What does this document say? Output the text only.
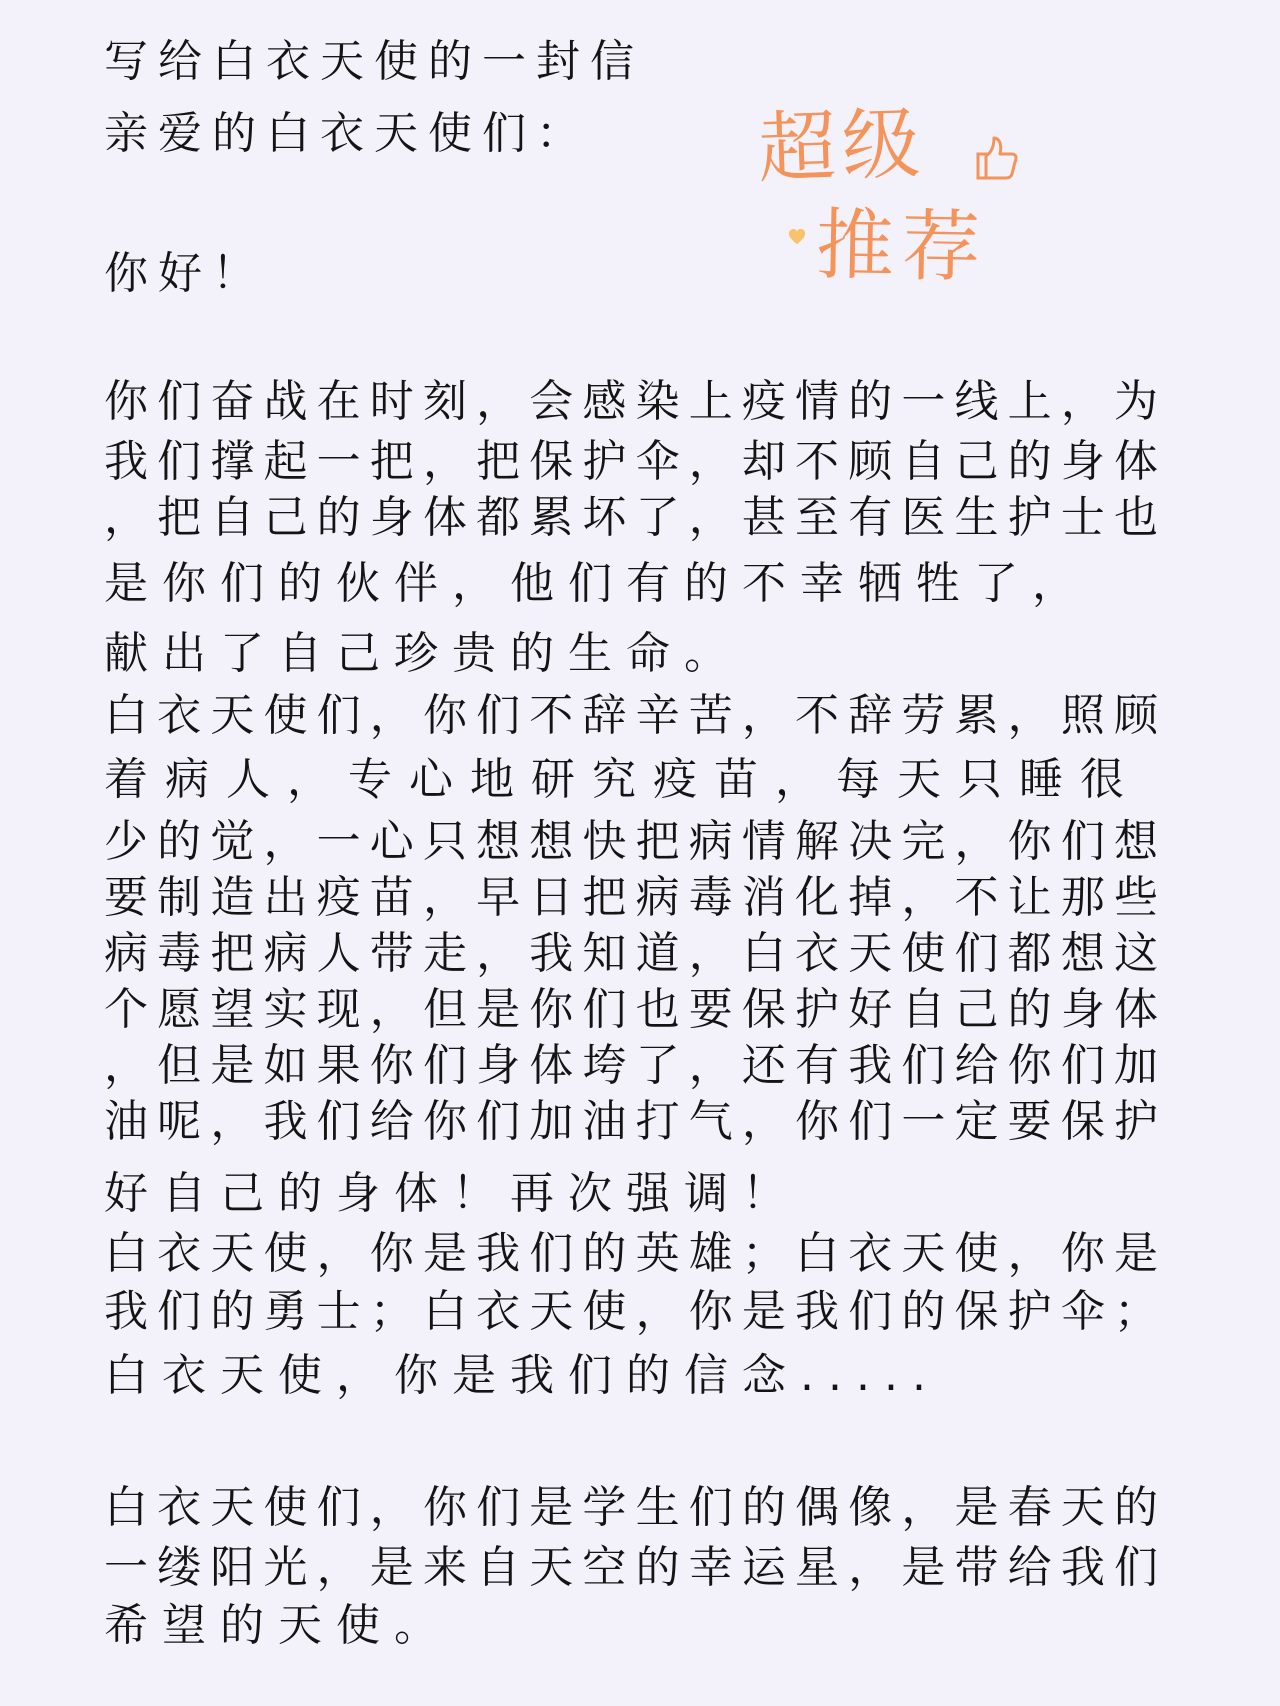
写给白衣天使的一封信
亲爱的白衣天使们：
你好！
你们奋战在时刻，会感染上疫情的一线上，为
我们撑起一把，把保护伞，却不顾自己的身体
，把自己的身体都累坏了，甚至有医生护士也
是你们的伙伴，他们有的不幸牺牲了，
献出了自己珍贵的生命。
白衣天使们，你们不辞辛苦，不辞劳累，照顾
着病人，专心地研究疫苗，每天只睡很
少的觉，一心只想想快把病情解决完，你们想
要制造出疫苗，早日把病毒消化掉，不让那些
病毒把病人带走，我知道，白衣天使们都想这
个愿望实现，但是你们也要保护好自己的身体
，但是如果你们身体垮了，还有我们给你们加
油呢，我们给你们加油打气，你们一定要保护
好自己的身体！再次强调！
白衣天使，你是我们的英雄；白衣天使，你是
我们的勇士；白衣天使，你是我们的保护伞；
白衣天使，你是我们的信念.....
白衣天使们，你们是学生们的偶像，是春天的
一缕阳光，是来自天空的幸运星，是带给我们
希望的天使。
超级
推荐
